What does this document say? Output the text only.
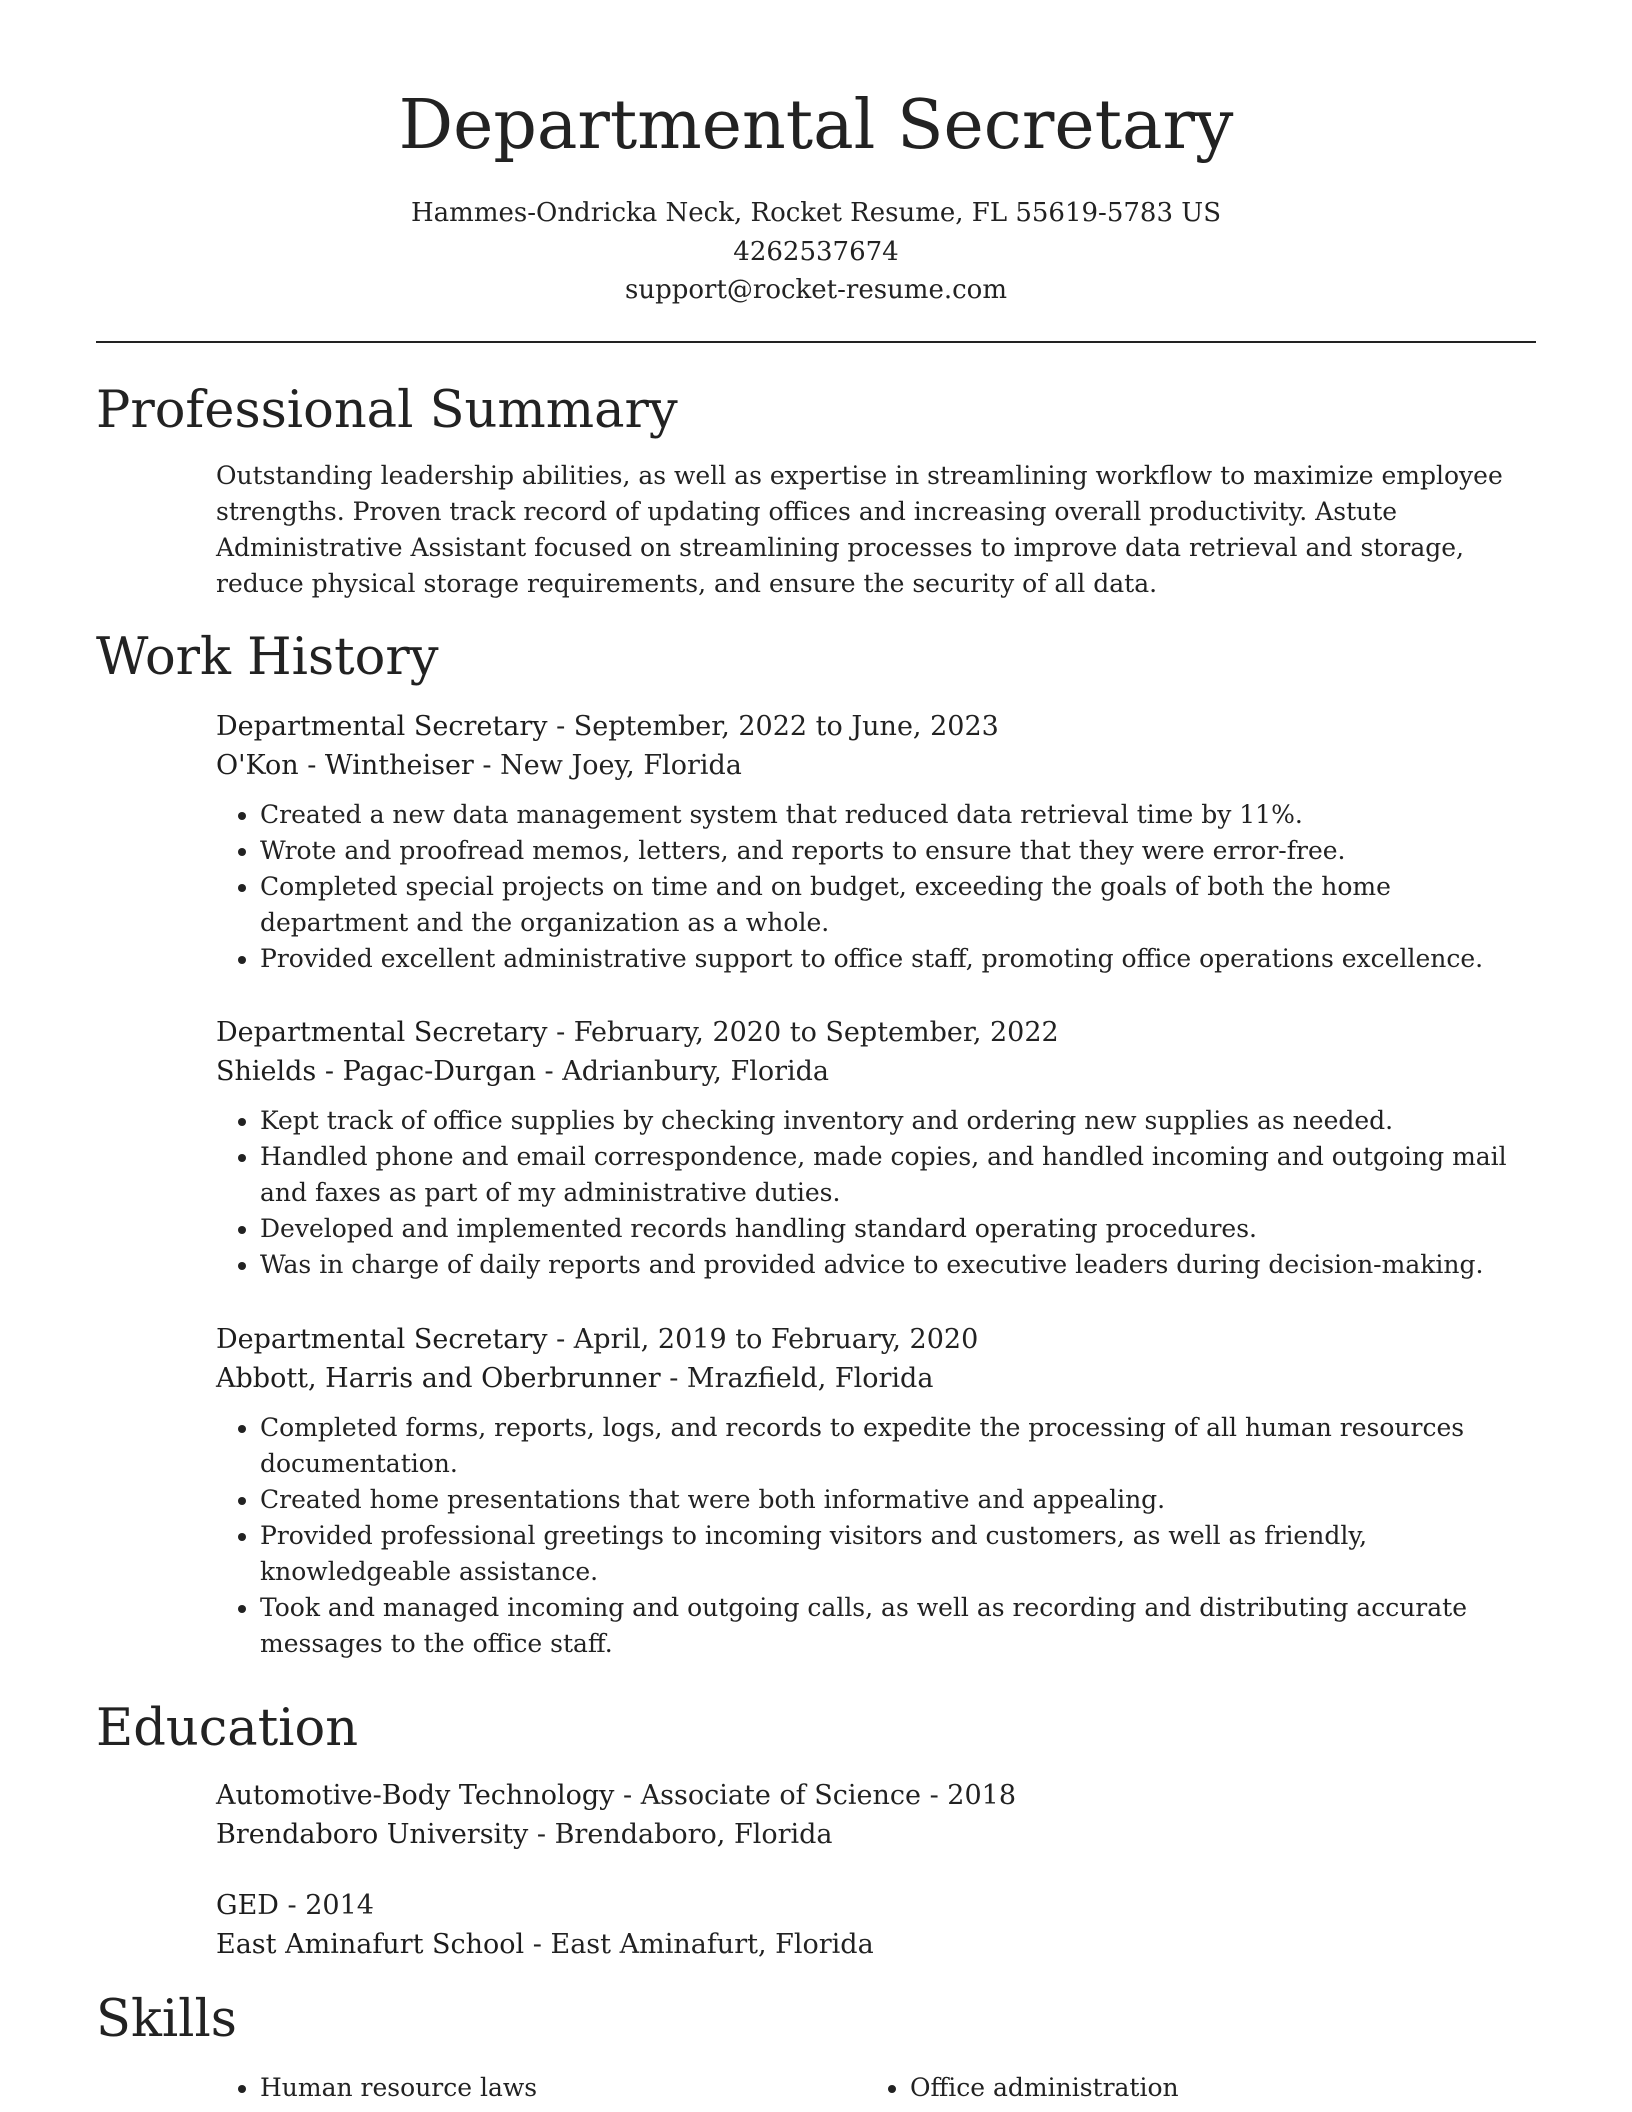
Departmental Secretary
Hammes-Ondricka Neck, Rocket Resume, FL 55619-5783 US
4262537674
support@rocket-resume.com
Professional Summary

Outstanding leadership abilities, as well as expertise in streamlining workflow to maximize employee strengths. Proven track record of updating offices and increasing overall productivity. Astute Administrative Assistant focused on streamlining processes to improve data retrieval and storage, reduce physical storage requirements, and ensure the security of all data.

Work History
Departmental Secretary - September, 2022 to June, 2023
O'Kon - Wintheiser - New Joey, Florida
• Created a new data management system that reduced data retrieval time by 11%.
• Wrote and proofread memos, letters, and reports to ensure that they were error-free.
• Completed special projects on time and on budget, exceeding the goals of both the home department and the organization as a whole.
• Provided excellent administrative support to office staff, promoting office operations excellence.
Departmental Secretary - February, 2020 to September, 2022
Shields - Pagac-Durgan - Adrianbury, Florida
• Kept track of office supplies by checking inventory and ordering new supplies as needed.
• Handled phone and email correspondence, made copies, and handled incoming and outgoing mail and faxes as part of my administrative duties.
• Developed and implemented records handling standard operating procedures.
• Was in charge of daily reports and provided advice to executive leaders during decision-making.
Departmental Secretary - April, 2019 to February, 2020
Abbott, Harris and Oberbrunner - Mrazfield, Florida
• Completed forms, reports, logs, and records to expedite the processing of all human resources documentation.
• Created home presentations that were both informative and appealing.
• Provided professional greetings to incoming visitors and customers, as well as friendly, knowledgeable assistance.
• Took and managed incoming and outgoing calls, as well as recording and distributing accurate messages to the office staff.
Education
Automotive-Body Technology - Associate of Science - 2018
Brendaboro University - Brendaboro, Florida
GED - 2014
East Aminafurt School - East Aminafurt, Florida
Skills
• Human resource laws
•	Office administration
